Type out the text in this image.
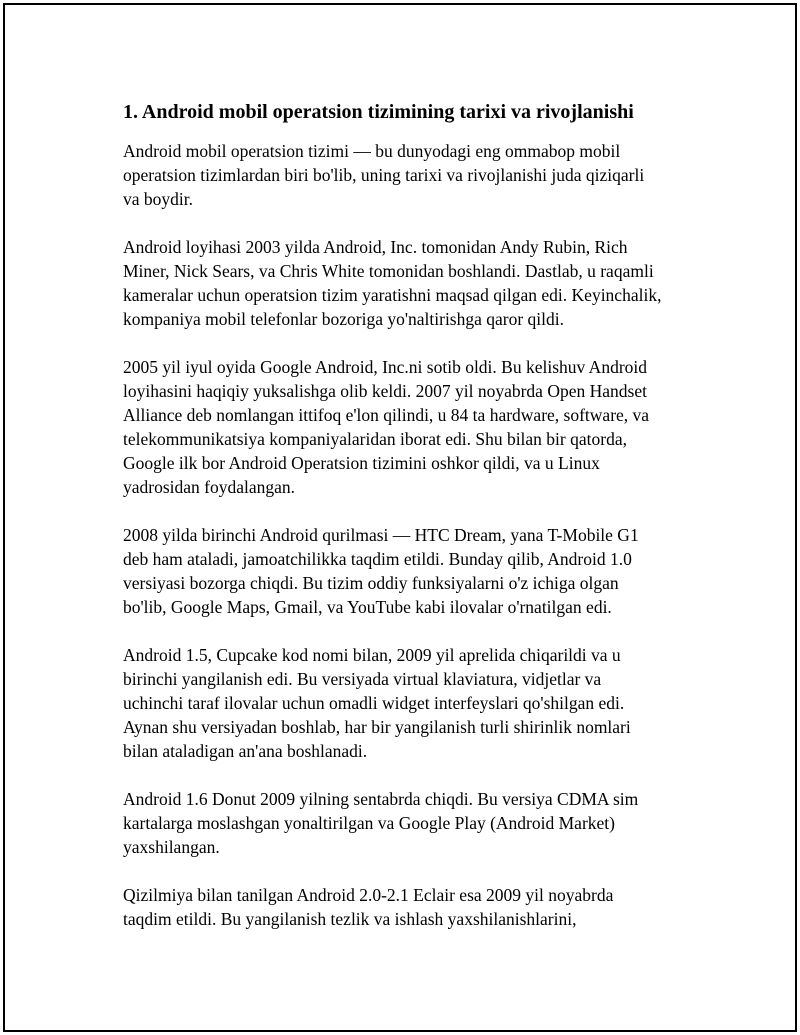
1. Android mobil operatsion tizimining tarixi va rivojlanishi

Android mobil operatsion tizimi — bu dunyodagi eng ommabop mobil
operatsion tizimlardan biri bo'lib, uning tarixi va rivojlanishi juda qiziqarli
va boydir.

Android loyihasi 2003 yilda Android, Inc. tomonidan Andy Rubin, Rich
Miner, Nick Sears, va Chris White tomonidan boshlandi. Dastlab, u raqamli
kameralar uchun operatsion tizim yaratishni maqsad qilgan edi. Keyinchalik,
kompaniya mobil telefonlar bozoriga yo'naltirishga qaror qildi.

2005 yil iyul oyida Google Android, Inc.ni sotib oldi. Bu kelishuv Android
loyihasini haqiqiy yuksalishga olib keldi. 2007 yil noyabrda Open Handset
Alliance deb nomlangan ittifoq e'lon qilindi, u 84 ta hardware, software, va
telekommunikatsiya kompaniyalaridan iborat edi. Shu bilan bir qatorda,
Google ilk bor Android Operatsion tizimini oshkor qildi, va u Linux
yadrosidan foydalangan.

2008 yilda birinchi Android qurilmasi — HTC Dream, yana T-Mobile G1
deb ham ataladi, jamoatchilikka taqdim etildi. Bunday qilib, Android 1.0
versiyasi bozorga chiqdi. Bu tizim oddiy funksiyalarni o'z ichiga olgan
bo'lib, Google Maps, Gmail, va YouTube kabi ilovalar o'rnatilgan edi.

Android 1.5, Cupcake kod nomi bilan, 2009 yil aprelida chiqarildi va u
birinchi yangilanish edi. Bu versiyada virtual klaviatura, vidjetlar va
uchinchi taraf ilovalar uchun omadli widget interfeyslari qo'shilgan edi.
Aynan shu versiyadan boshlab, har bir yangilanish turli shirinlik nomlari
bilan ataladigan an'ana boshlanadi.

Android 1.6 Donut 2009 yilning sentabrda chiqdi. Bu versiya CDMA sim
kartalarga moslashgan yonaltirilgan va Google Play (Android Market)
yaxshilangan.

Qizilmiya bilan tanilgan Android 2.0-2.1 Eclair esa 2009 yil noyabrda
taqdim etildi. Bu yangilanish tezlik va ishlash yaxshilanishlarini,
